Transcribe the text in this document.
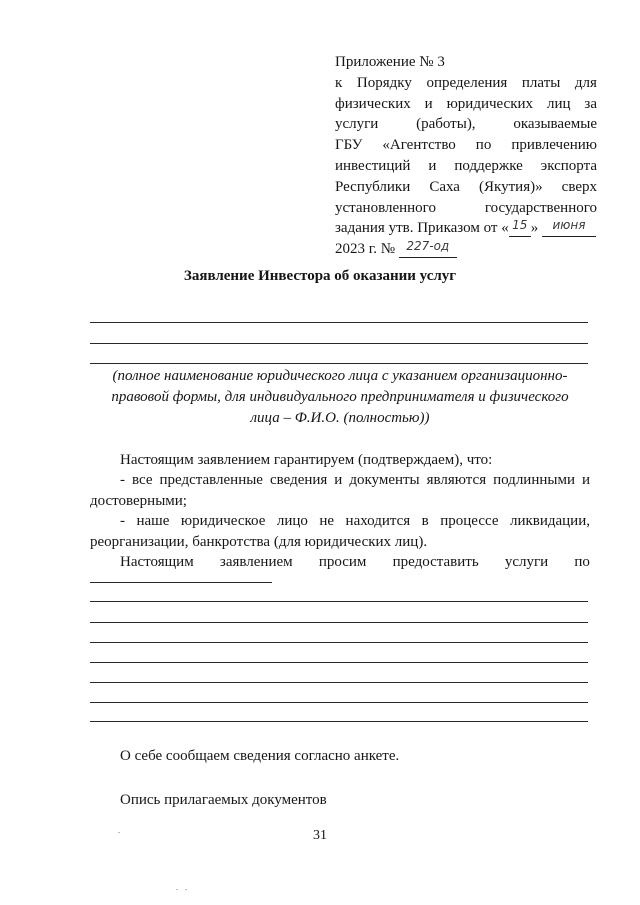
Приложение № 3
к Порядку определения платы для
физических и юридических лиц за
услуги	(работы),	оказываемые
ГБУ «Агентство по привлечению
инвестиций и поддержке экспорта
Республики Саха (Якутия)» сверх
установленного	государственного
задания утв. Приказом от « $^{15}$ » $^{июня}$
2023 г. № $^{227-од}$
Заявление Инвестора об оказании услуг
(полное наименование юридического лица с указанием организационно-правовой формы, для индивидуального предпринимателя и физического лица – Ф.И.О. (полностью))
Настоящим заявлением гарантируем (подтверждаем), что:
- все представленные сведения и документы являются подлинными и достоверными;
- наше юридическое лицо не находится в процессе ликвидации, реорганизации, банкротства (для юридических лиц).
Настоящим заявлением просим предоставить услуги по
О себе сообщаем сведения согласно анкете.
Опись прилагаемых документов
31
